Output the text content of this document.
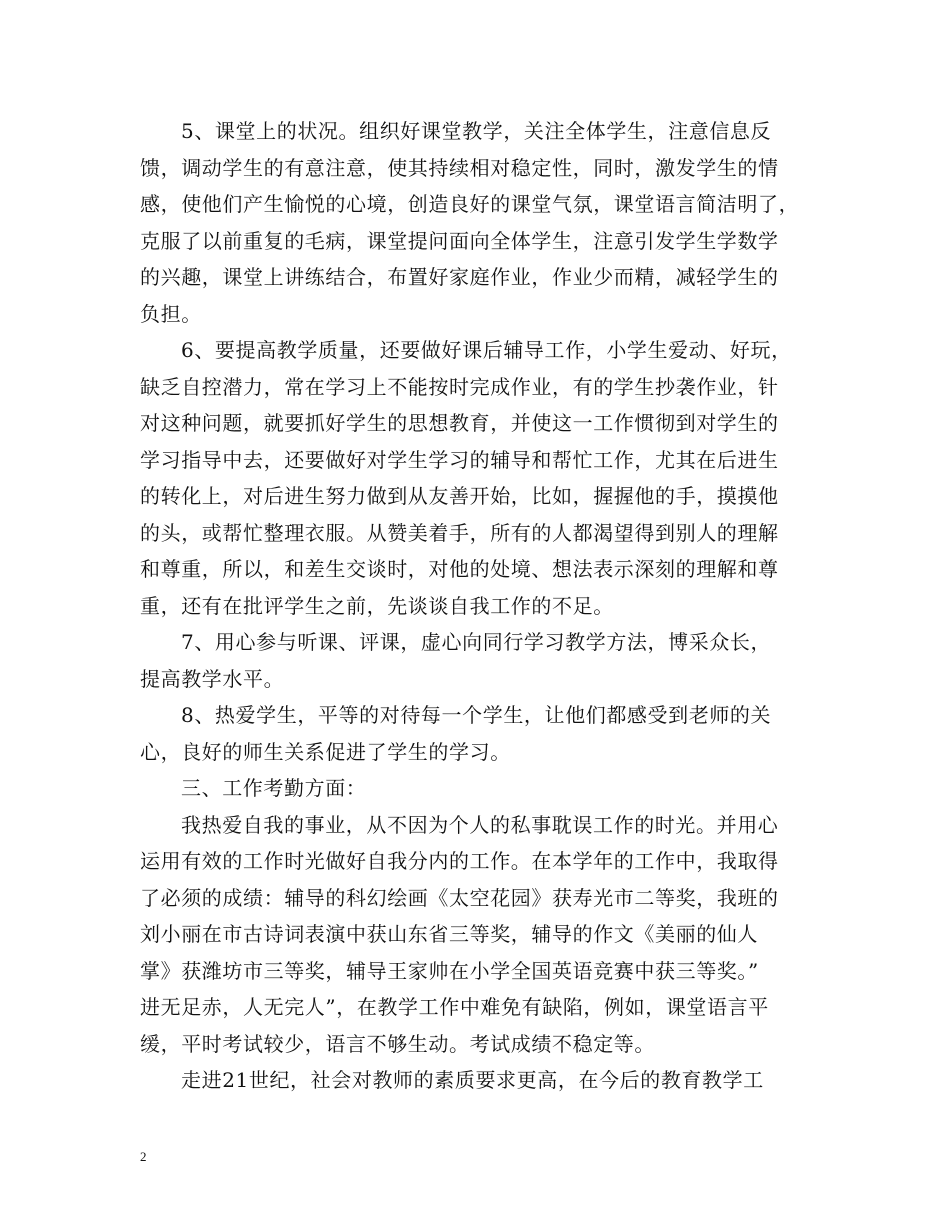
5、课堂上的状况。组织好课堂教学，关注全体学生，注意信息反
馈，调动学生的有意注意，使其持续相对稳定性，同时，激发学生的情
感，使他们产生愉悦的心境，创造良好的课堂气氛，课堂语言简洁明了，
克服了以前重复的毛病，课堂提问面向全体学生，注意引发学生学数学
的兴趣，课堂上讲练结合，布置好家庭作业，作业少而精，减轻学生的
负担。
6、要提高教学质量，还要做好课后辅导工作，小学生爱动、好玩，
缺乏自控潜力，常在学习上不能按时完成作业，有的学生抄袭作业，针
对这种问题，就要抓好学生的思想教育，并使这一工作惯彻到对学生的
学习指导中去，还要做好对学生学习的辅导和帮忙工作，尤其在后进生
的转化上，对后进生努力做到从友善开始，比如，握握他的手，摸摸他
的头，或帮忙整理衣服。从赞美着手，所有的人都渴望得到别人的理解
和尊重，所以，和差生交谈时，对他的处境、想法表示深刻的理解和尊
重，还有在批评学生之前，先谈谈自我工作的不足。
7、用心参与听课、评课，虚心向同行学习教学方法，博采众长，
提高教学水平。
8、热爱学生，平等的对待每一个学生，让他们都感受到老师的关
心，良好的师生关系促进了学生的学习。
三、工作考勤方面：
我热爱自我的事业，从不因为个人的私事耽误工作的时光。并用心
运用有效的工作时光做好自我分内的工作。在本学年的工作中，我取得
了必须的成绩：辅导的科幻绘画《太空花园》获寿光市二等奖，我班的
刘小丽在市古诗词表演中获山东省三等奖，辅导的作文《美丽的仙人
掌》获潍坊市三等奖，辅导王家帅在小学全国英语竞赛中获三等奖。”
进无足赤，人无完人”，在教学工作中难免有缺陷，例如，课堂语言平
缓，平时考试较少，语言不够生动。考试成绩不稳定等。
走进21世纪，社会对教师的素质要求更高，在今后的教育教学工
2
